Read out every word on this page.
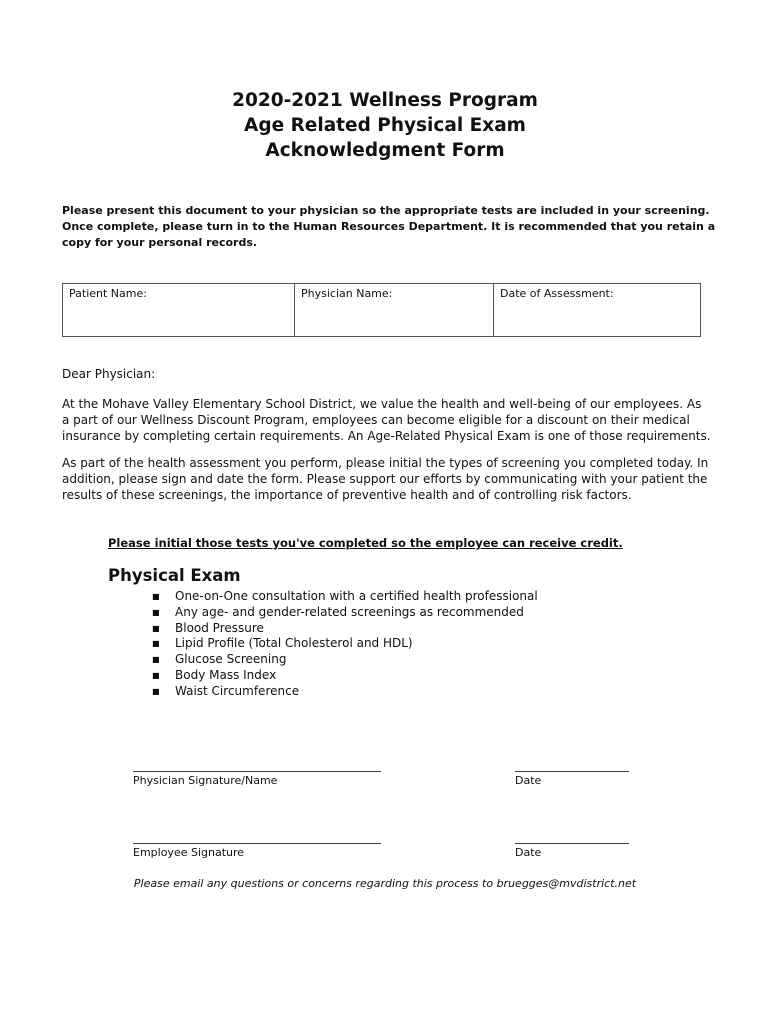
2020-2021 Wellness Program
Age Related Physical Exam
Acknowledgment Form
Please present this document to your physician so the appropriate tests are included in your screening.
Once complete, please turn in to the Human Resources Department. It is recommended that you retain a
copy for your personal records.
Patient Name:	Physician Name:	Date of Assessment:

Dear Physician:

At the Mohave Valley Elementary School District, we value the health and well-being of our employees. As a part of our Wellness Discount Program, employees can become eligible for a discount on their medical insurance by completing certain requirements. An Age-Related Physical Exam is one of those requirements.

As part of the health assessment you perform, please initial the types of screening you completed today. In addition, please sign and date the form. Please support our efforts by communicating with your patient the results of these screenings, the importance of preventive health and of controlling risk factors.

Please initial those tests you've completed so the employee can receive credit.
Physical Exam
■	One-on-One consultation with a certified health professional
■	Any age- and gender-related screenings as recommended
■	Blood Pressure
■	Lipid Profile (Total Cholesterol and HDL)
■	Glucose Screening
■	Body Mass Index
■	Waist Circumference
Physician Signature/Name	Date
Employee Signature	Date
Please email any questions or concerns regarding this process to bruegges@mvdistrict.net
